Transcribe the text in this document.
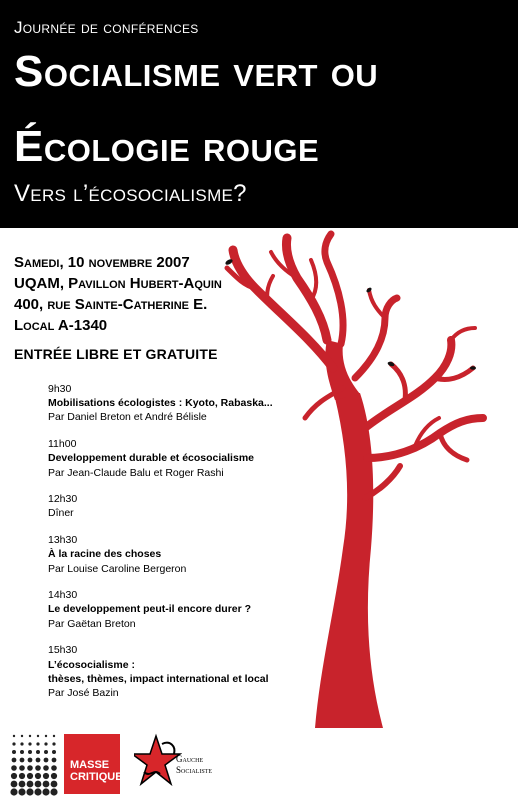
Journée de conférences
Socialisme vert ou
Écologie rouge
Vers l’écosocialisme?
Samedi, 10 novembre 2007
UQAM, Pavillon Hubert-Aquin
400, rue Sainte-Catherine E.
Local A-1340
ENTRÉE LIBRE ET GRATUITE
9h30
Mobilisations écologistes : Kyoto, Rabaska...
Par Daniel Breton et André Bélisle
11h00
Developpement durable et écosocialisme
Par Jean-Claude Balu et Roger Rashi
12h30
Dîner
13h30
À la racine des choses
Par Louise Caroline Bergeron
14h30
Le developpement peut-il encore durer ?
Par Gaëtan Breton
15h30
L’écosocialisme :
thèses, thèmes, impact international et local
Par José Bazin
MASSE
CRITIQUE
Gauche
Socialiste
